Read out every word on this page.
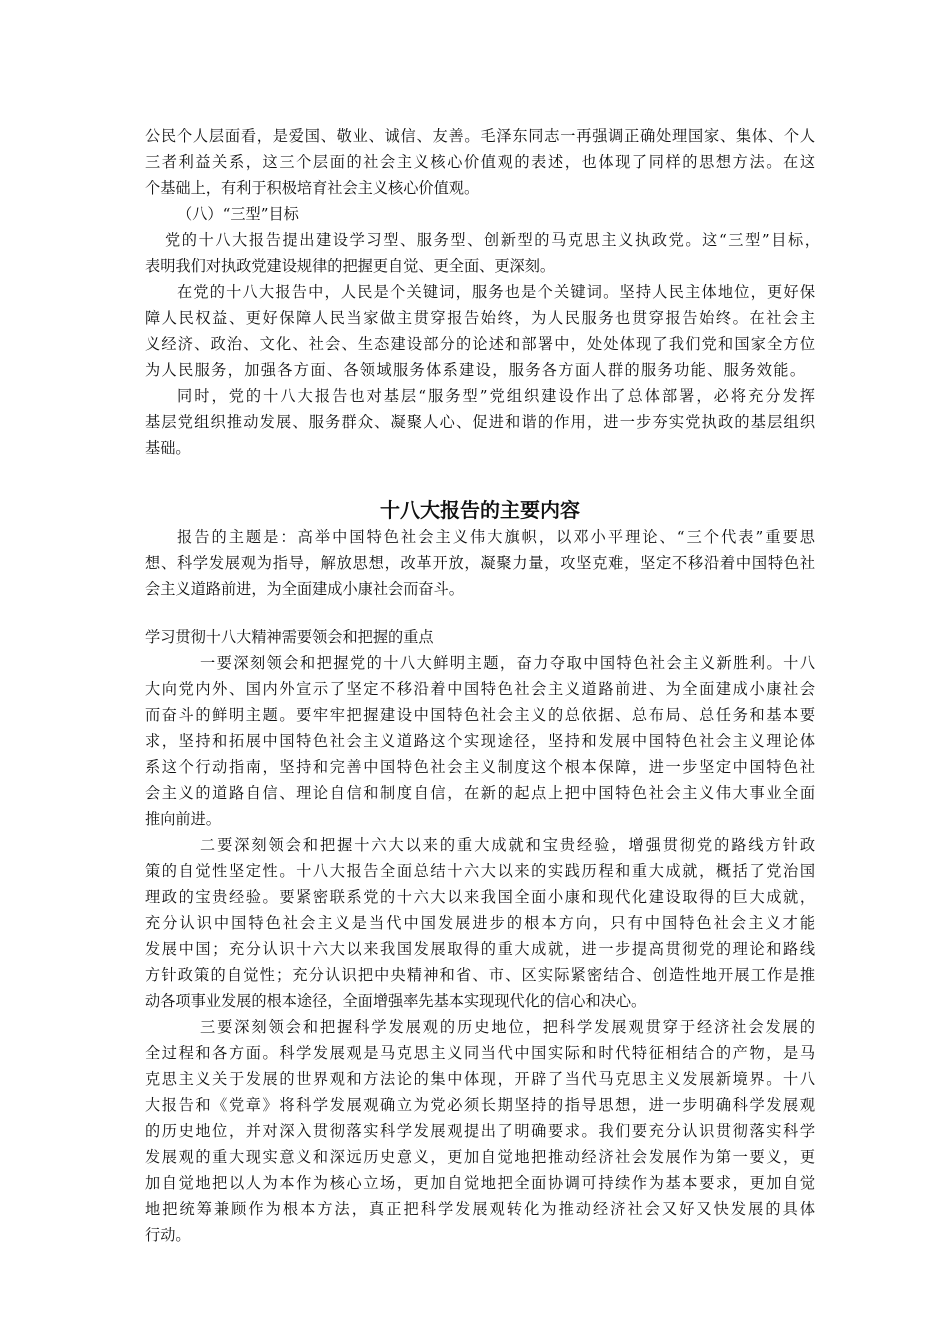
公民个人层面看，是爱国、敬业、诚信、友善。毛泽东同志一再强调正确处理国家、集体、个人
三者利益关系，这三个层面的社会主义核心价值观的表述，也体现了同样的思想方法。在这
个基础上，有利于积极培育社会主义核心价值观。
（八）“三型”目标
党的十八大报告提出建设学习型、服务型、创新型的马克思主义执政党。这“三型”目标，
表明我们对执政党建设规律的把握更自觉、更全面、更深刻。
在党的十八大报告中，人民是个关键词，服务也是个关键词。坚持人民主体地位，更好保
障人民权益、更好保障人民当家做主贯穿报告始终，为人民服务也贯穿报告始终。在社会主
义经济、政治、文化、社会、生态建设部分的论述和部署中，处处体现了我们党和国家全方位
为人民服务，加强各方面、各领域服务体系建设，服务各方面人群的服务功能、服务效能。
同时，党的十八大报告也对基层“服务型”党组织建设作出了总体部署，必将充分发挥
基层党组织推动发展、服务群众、凝聚人心、促进和谐的作用，进一步夯实党执政的基层组织
基础。
十八大报告的主要内容
报告的主题是：高举中国特色社会主义伟大旗帜，以邓小平理论、“三个代表”重要思
想、科学发展观为指导，解放思想，改革开放，凝聚力量，攻坚克难，坚定不移沿着中国特色社
会主义道路前进，为全面建成小康社会而奋斗。
学习贯彻十八大精神需要领会和把握的重点
一要深刻领会和把握党的十八大鲜明主题，奋力夺取中国特色社会主义新胜利。十八
大向党内外、国内外宣示了坚定不移沿着中国特色社会主义道路前进、为全面建成小康社会
而奋斗的鲜明主题。要牢牢把握建设中国特色社会主义的总依据、总布局、总任务和基本要
求，坚持和拓展中国特色社会主义道路这个实现途径，坚持和发展中国特色社会主义理论体
系这个行动指南，坚持和完善中国特色社会主义制度这个根本保障，进一步坚定中国特色社
会主义的道路自信、理论自信和制度自信，在新的起点上把中国特色社会主义伟大事业全面
推向前进。
二要深刻领会和把握十六大以来的重大成就和宝贵经验，增强贯彻党的路线方针政
策的自觉性坚定性。十八大报告全面总结十六大以来的实践历程和重大成就，概括了党治国
理政的宝贵经验。要紧密联系党的十六大以来我国全面小康和现代化建设取得的巨大成就，
充分认识中国特色社会主义是当代中国发展进步的根本方向，只有中国特色社会主义才能
发展中国；充分认识十六大以来我国发展取得的重大成就，进一步提高贯彻党的理论和路线
方针政策的自觉性；充分认识把中央精神和省、市、区实际紧密结合、创造性地开展工作是推
动各项事业发展的根本途径，全面增强率先基本实现现代化的信心和决心。
三要深刻领会和把握科学发展观的历史地位，把科学发展观贯穿于经济社会发展的
全过程和各方面。科学发展观是马克思主义同当代中国实际和时代特征相结合的产物，是马
克思主义关于发展的世界观和方法论的集中体现，开辟了当代马克思主义发展新境界。十八
大报告和《党章》将科学发展观确立为党必须长期坚持的指导思想，进一步明确科学发展观
的历史地位，并对深入贯彻落实科学发展观提出了明确要求。我们要充分认识贯彻落实科学
发展观的重大现实意义和深远历史意义，更加自觉地把推动经济社会发展作为第一要义，更
加自觉地把以人为本作为核心立场，更加自觉地把全面协调可持续作为基本要求，更加自觉
地把统筹兼顾作为根本方法，真正把科学发展观转化为推动经济社会又好又快发展的具体
行动。
